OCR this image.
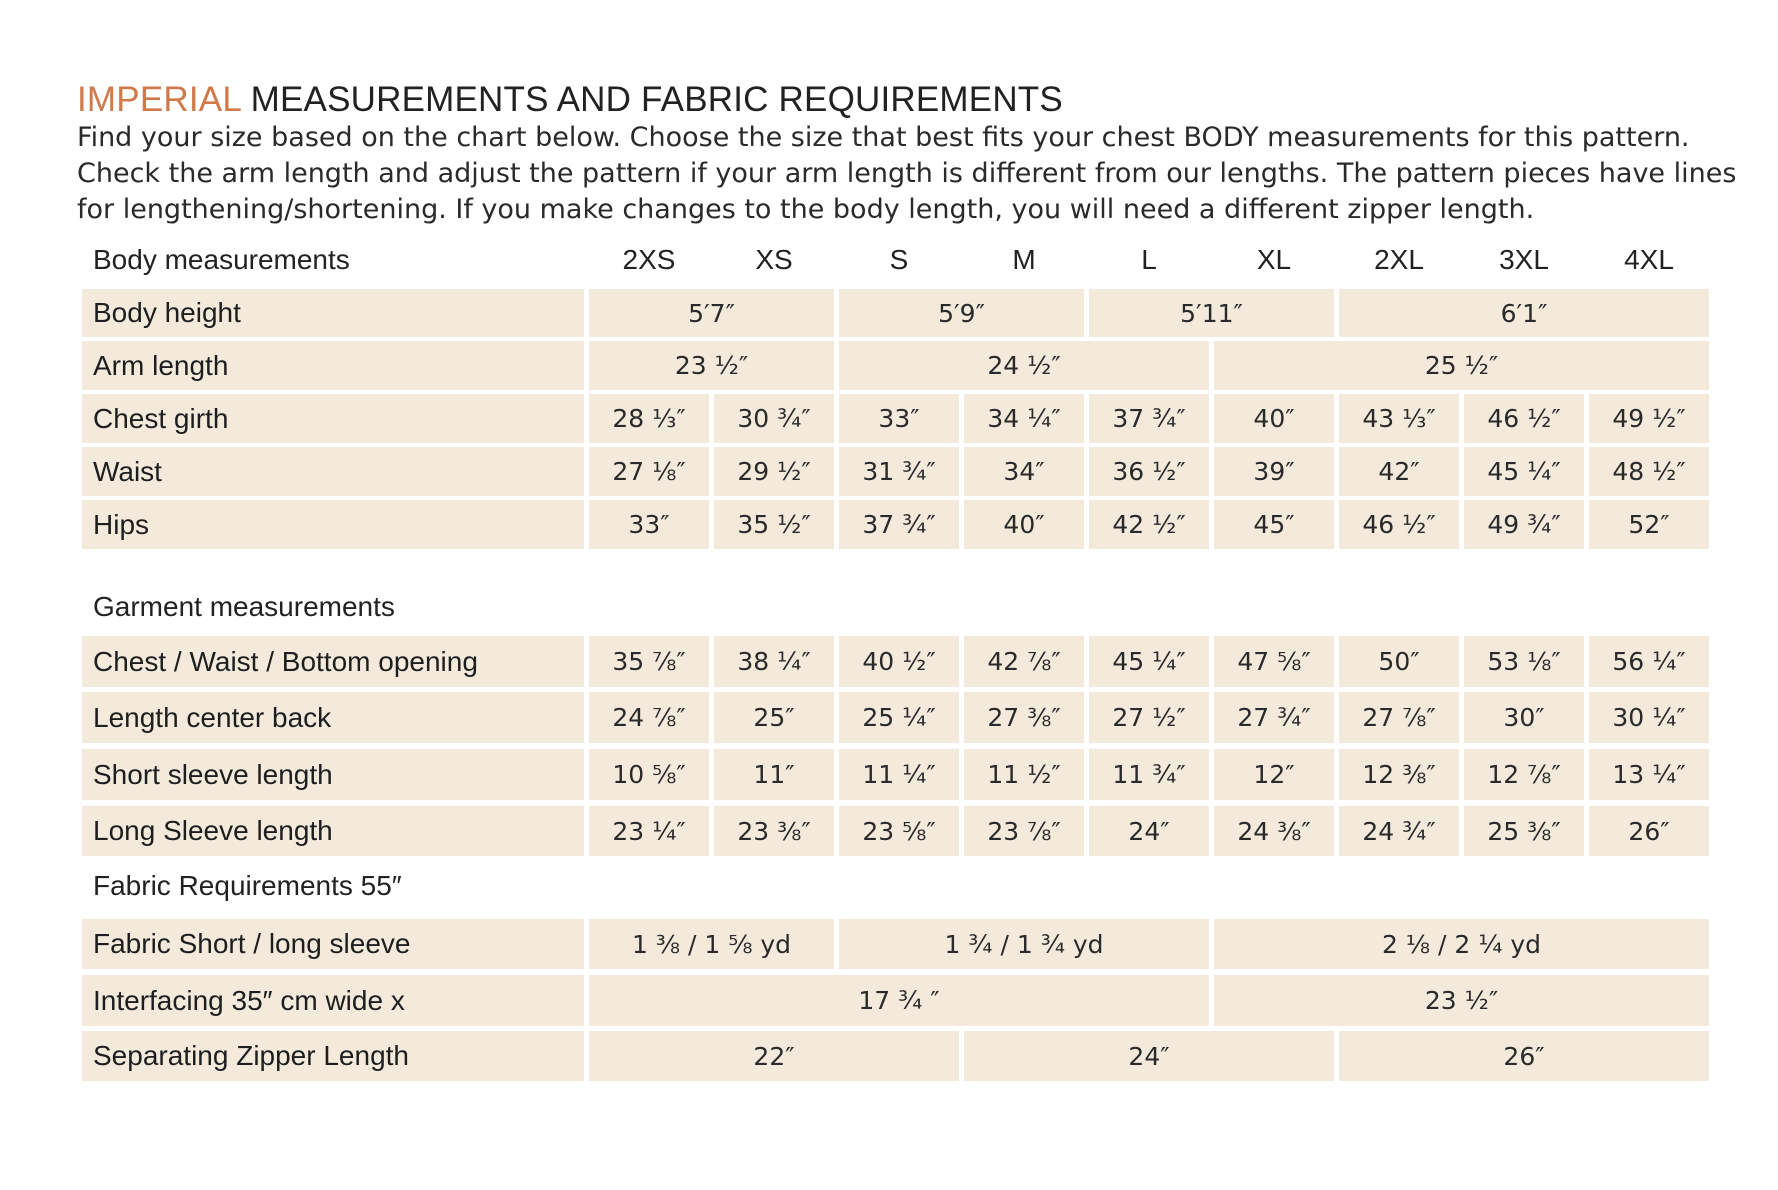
IMPERIAL MEASUREMENTS AND FABRIC REQUIREMENTS
Find your size based on the chart below. Choose the size that best fits your chest BODY measurements for this pattern.
Check the arm length and adjust the pattern if your arm length is different from our lengths. The pattern pieces have lines
for lengthening/shortening. If you make changes to the body length, you will need a different zipper length.
Body measurements	2XS	XS	S	M	L	XL	2XL	3XL	4XL
Body height	5′7″	5′9″	5′11″	6′1″
Arm length	23 ½″	24 ½″	25 ½″
Chest girth	28 ⅓″	30 ¾″	33″	34 ¼″	37 ¾″	40″	43 ⅓″	46 ½″	49 ½″
Waist	27 ⅛″	29 ½″	31 ¾″	34″	36 ½″	39″	42″	45 ¼″	48 ½″
Hips	33″	35 ½″	37 ¾″	40″	42 ½″	45″	46 ½″	49 ¾″	52″
Garment measurements
Chest / Waist / Bottom opening	35 ⅞″	38 ¼″	40 ½″	42 ⅞″	45 ¼″	47 ⅝″	50″	53 ⅛″	56 ¼″
Length center back	24 ⅞″	25″	25 ¼″	27 ⅜″	27 ½″	27 ¾″	27 ⅞″	30″	30 ¼″
Short sleeve length	10 ⅝″	11″	11 ¼″	11 ½″	11 ¾″	12″	12 ⅜″	12 ⅞″	13 ¼″
Long Sleeve length	23 ¼″	23 ⅜″	23 ⅝″	23 ⅞″	24″	24 ⅜″	24 ¾″	25 ⅜″	26″
Fabric Requirements 55″
Fabric Short / long sleeve	1 ⅜ / 1 ⅝ yd	1 ¾ / 1 ¾ yd	2 ⅛ / 2 ¼ yd
Interfacing 35″ cm wide x	17 ¾ ″	23 ½″
Separating Zipper Length	22″	24″	26″
